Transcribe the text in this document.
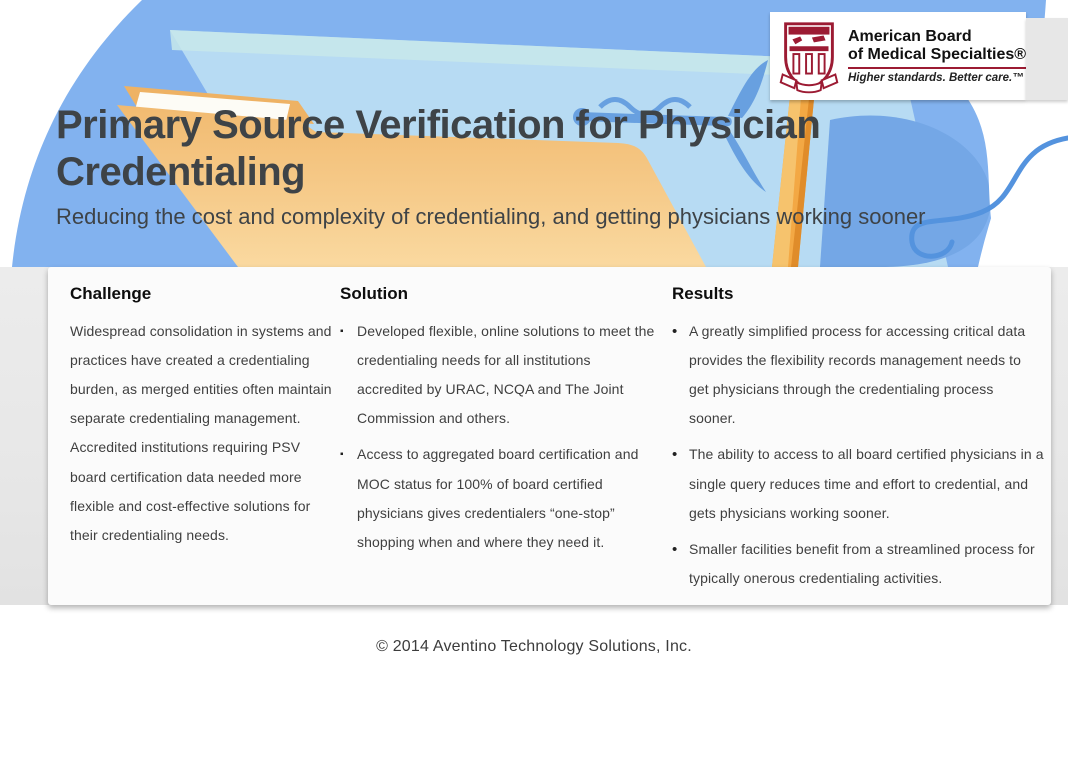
Primary Source Verification for Physician Credentialing
Reducing the cost and complexity of credentialing, and getting physicians working sooner
American Board
of Medical Specialties®
Higher standards. Better care.™
Challenge
Widespread consolidation in systems and practices have created a credentialing burden, as merged entities often maintain separate credentialing management. Accredited institutions requiring PSV board certification data needed more flexible and cost-effective solutions for their credentialing needs.
Solution
▪ Developed flexible, online solutions to meet the credentialing needs for all institutions accredited by URAC, NCQA and The Joint Commission and others.
▪ Access to aggregated board certification and MOC status for 100% of board certified physicians gives credentialers “one-stop” shopping when and where they need it.
Results
• A greatly simplified process for accessing critical data provides the flexibility records management needs to get physicians through the credentialing process sooner.
• The ability to access to all board certified physicians in a single query reduces time and effort to credential, and gets physicians working sooner.
• Smaller facilities benefit from a streamlined process for typically onerous credentialing activities.
© 2014 Aventino Technology Solutions, Inc.
